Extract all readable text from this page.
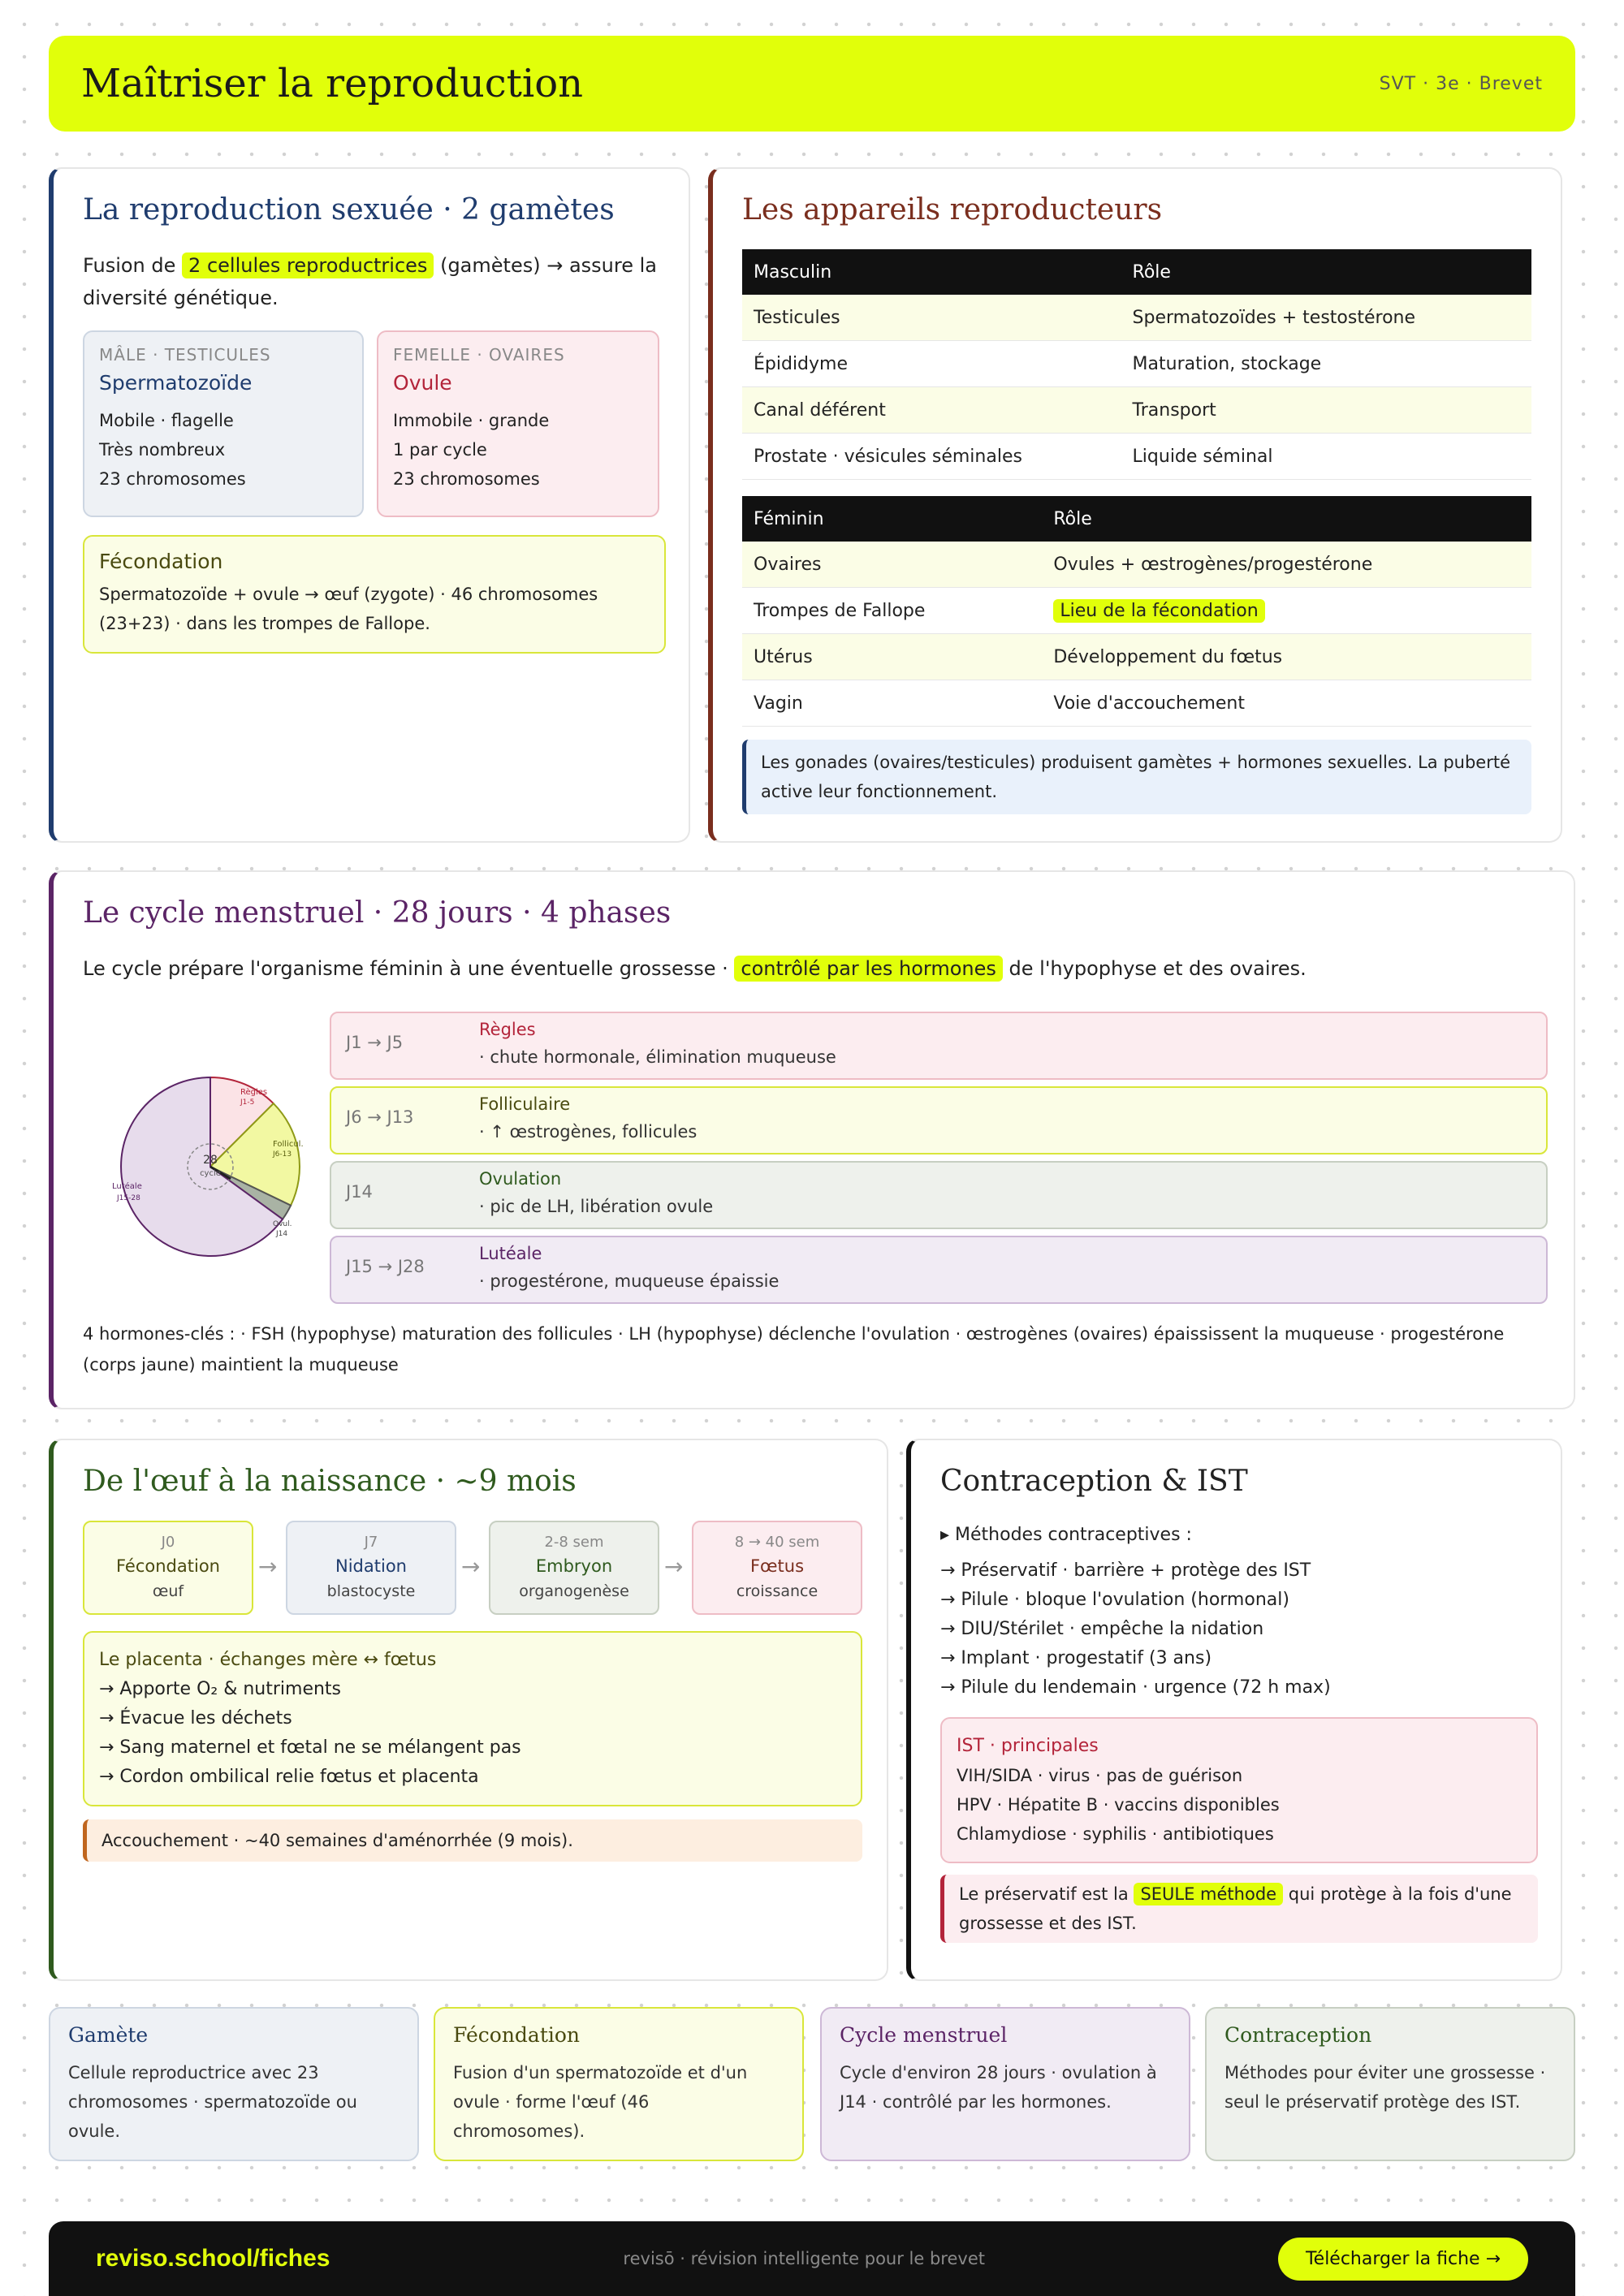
Maîtriser la reproduction	SVT · 3e · Brevet
La reproduction sexuée · 2 gamètes

Fusion de 2 cellules reproductrices (gamètes) → assure la diversité génétique.

MÂLE · TESTICULES
Spermatozoïde
Mobile · flagelle
Très nombreux
23 chromosomes
FEMELLE · OVAIRES
Ovule
Immobile · grande
1 par cycle
23 chromosomes
Fécondation
Spermatozoïde + ovule → œuf (zygote) · 46 chromosomes (23+23) · dans les trompes de Fallope.
Les appareils reproducteurs
Masculin	Rôle
Testicules	Spermatozoïdes + testostérone
Épididyme	Maturation, stockage
Canal déférent	Transport
Prostate · vésicules séminales	Liquide séminal
Féminin	Rôle
Ovaires	Ovules + œstrogènes/progestérone
Trompes de Fallope	Lieu de la fécondation
Utérus	Développement du fœtus
Vagin	Voie d'accouchement
Les gonades (ovaires/testicules) produisent gamètes + hormones sexuelles. La puberté active leur fonctionnement.
Le cycle menstruel · 28 jours · 4 phases

Le cycle prépare l'organisme féminin à une éventuelle grossesse · contrôlé par les hormones de l'hypophyse et des ovaires.

28
cycle
Règles
J1-5
Follicul.
J6-13
Ovul.
J14
Lutéale
J15-28
J1 → J5
Règles
· chute hormonale, élimination muqueuse
J6 → J13
Folliculaire
· ↑ œstrogènes, follicules
J14
Ovulation
· pic de LH, libération ovule
J15 → J28
Lutéale
· progestérone, muqueuse épaissie
4 hormones-clés : · FSH (hypophyse) maturation des follicules · LH (hypophyse) déclenche l'ovulation · œstrogènes (ovaires) épaississent la muqueuse · progestérone (corps jaune) maintient la muqueuse
De l'œuf à la naissance · ~9 mois
J0
Fécondation
œuf
→
J7
Nidation
blastocyste
→
2-8 sem
Embryon
organogenèse
→
8 → 40 sem
Fœtus
croissance
Le placenta · échanges mère ↔ fœtus
→ Apporte O₂ & nutriments
→ Évacue les déchets
→ Sang maternel et fœtal ne se mélangent pas
→ Cordon ombilical relie fœtus et placenta
Accouchement · ~40 semaines d'aménorrhée (9 mois).
Contraception & IST
▸ Méthodes contraceptives :
→ Préservatif · barrière + protège des IST
→ Pilule · bloque l'ovulation (hormonal)
→ DIU/Stérilet · empêche la nidation
→ Implant · progestatif (3 ans)
→ Pilule du lendemain · urgence (72 h max)
IST · principales
VIH/SIDA · virus · pas de guérison
HPV · Hépatite B · vaccins disponibles
Chlamydiose · syphilis · antibiotiques
Le préservatif est la SEULE méthode qui protège à la fois d'une grossesse et des IST.
Gamète
Cellule reproductrice avec 23 chromosomes · spermatozoïde ou ovule.
Fécondation
Fusion d'un spermatozoïde et d'un ovule · forme l'œuf (46 chromosomes).
Cycle menstruel
Cycle d'environ 28 jours · ovulation à J14 · contrôlé par les hormones.
Contraception
Méthodes pour éviter une grossesse · seul le préservatif protège des IST.
reviso.school/fiches	revisō · révision intelligente pour le brevet	Télécharger la fiche →
